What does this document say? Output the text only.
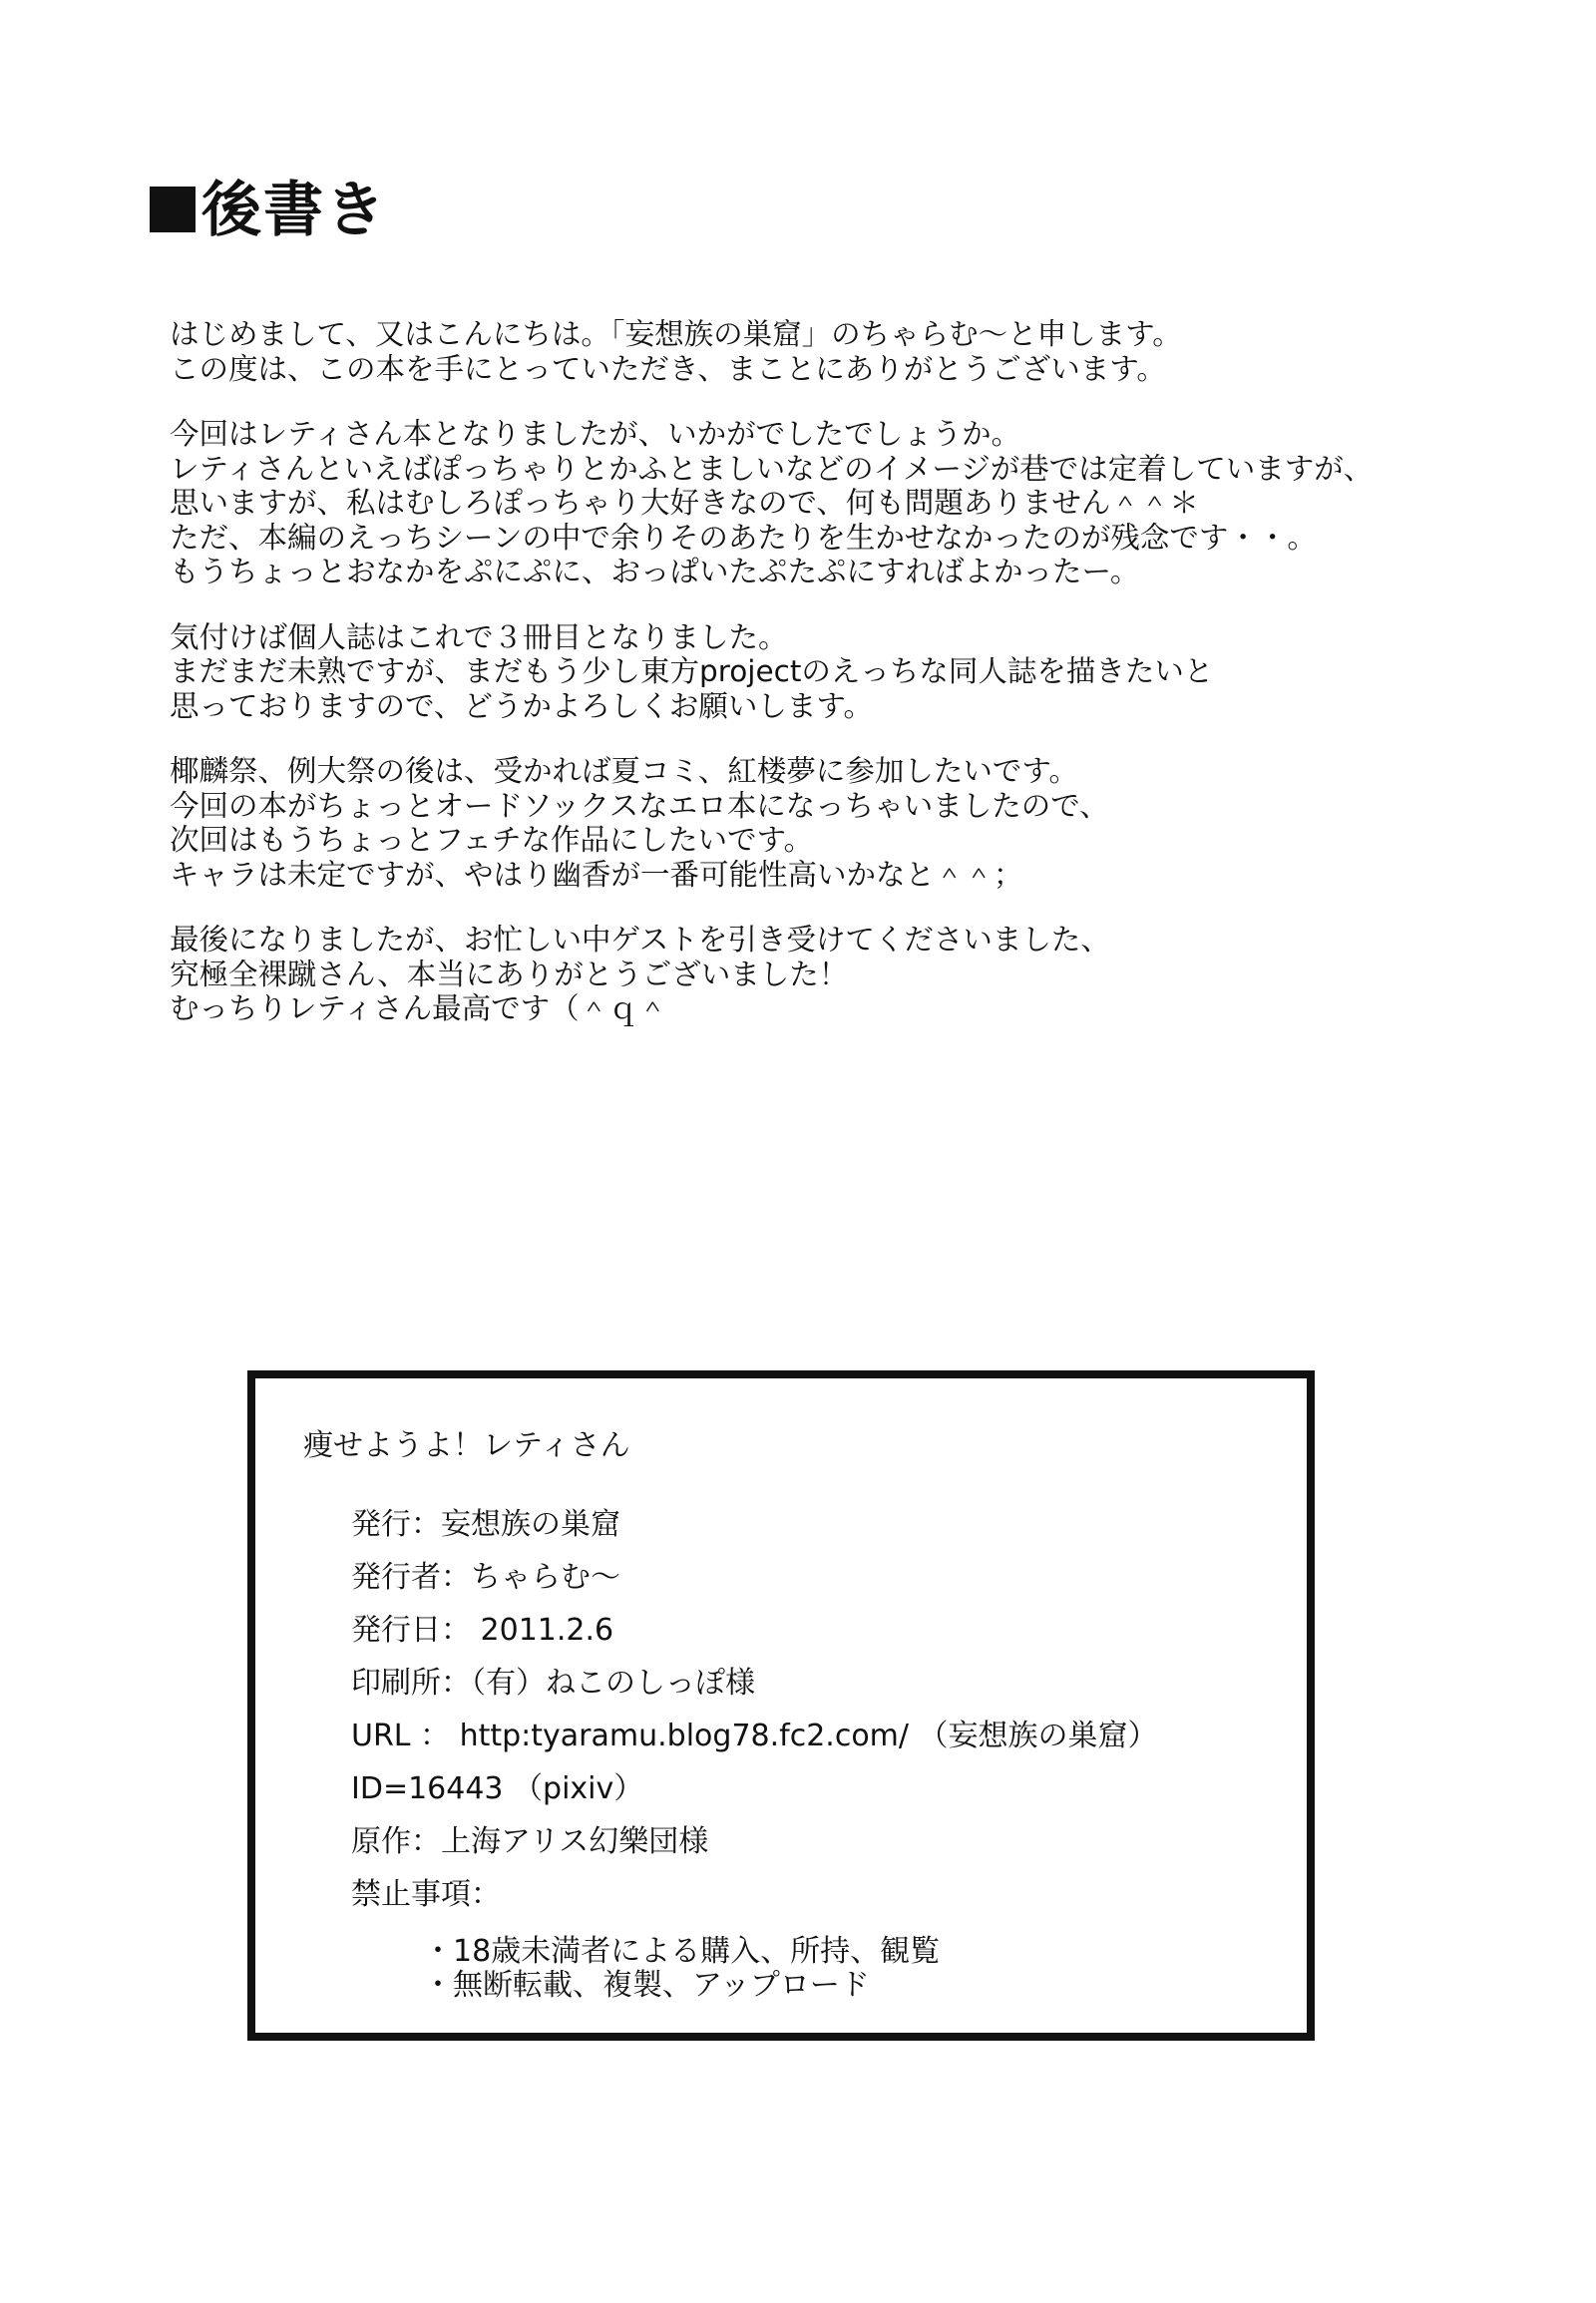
後書き
はじめまして、又はこんにちは。「妄想族の巣窟」のちゃらむ～と申します。
この度は、この本を手にとっていただき、まことにありがとうございます。
今回はレティさん本となりましたが、いかがでしたでしょうか。
レティさんといえばぽっちゃりとかふとましいなどのイメージが巷では定着していますが、
思いますが、私はむしろぽっちゃり大好きなので、何も問題ありません＾＾＊
ただ、本編のえっちシーンの中で余りそのあたりを生かせなかったのが残念です・・。
もうちょっとおなかをぷにぷに、おっぱいたぷたぷにすればよかったー。
気付けば個人誌はこれで３冊目となりました。
まだまだ未熟ですが、まだもう少し東方projectのえっちな同人誌を描きたいと
思っておりますので、どうかよろしくお願いします。
椰麟祭、例大祭の後は、受かれば夏コミ、紅楼夢に参加したいです。
今回の本がちょっとオードソックスなエロ本になっちゃいましたので、
次回はもうちょっとフェチな作品にしたいです。
キャラは未定ですが、やはり幽香が一番可能性高いかなと＾＾；
最後になりましたが、お忙しい中ゲストを引き受けてくださいました、
究極全裸蹴さん、本当にありがとうございました！
むっちりレティさん最高です（＾ｑ＾
痩せようよ！レティさん
発行：妄想族の巣窟
発行者：ちゃらむ～
発行日： 2011.2.6
印刷所：（有）ねこのしっぽ様
URL ： http:tyaramu.blog78.fc2.com/ （妄想族の巣窟）
ID=16443 （pixiv）
原作：上海アリス幻樂団様
禁止事項：
・18歳未満者による購入、所持、観覧
・無断転載、複製、アップロード
